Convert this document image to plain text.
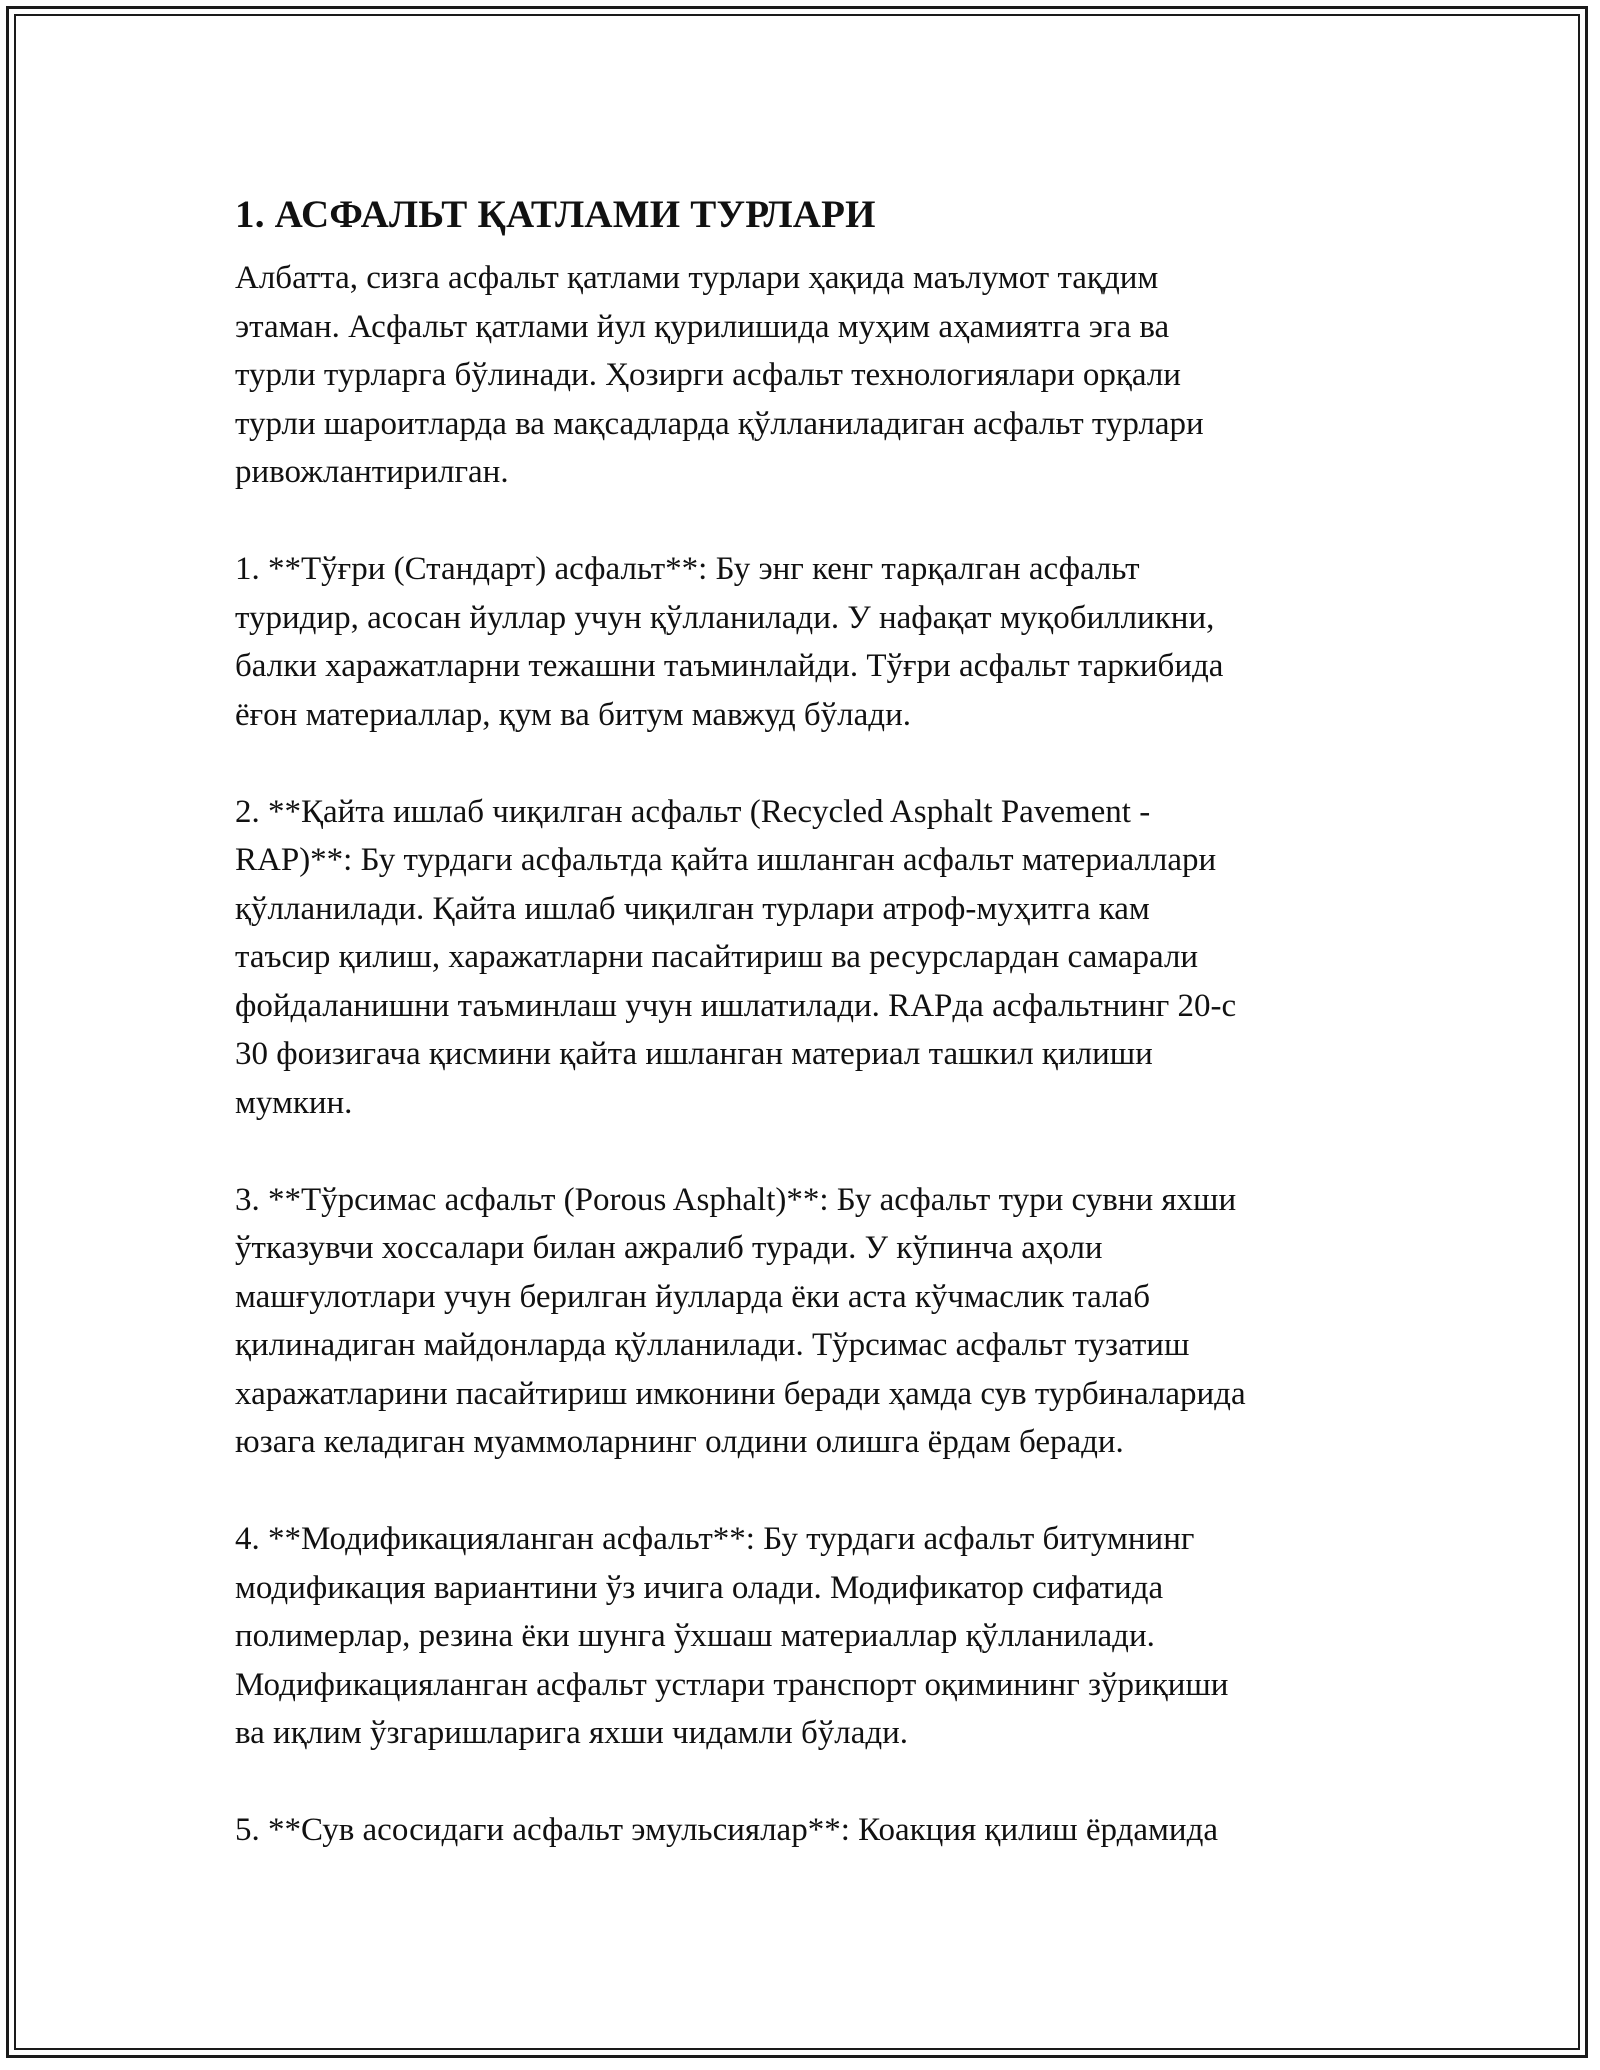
1. АСФАЛЬТ ҚАТЛАМИ ТУРЛАРИ
Албатта, сизга асфальт қатлами турлари ҳақида маълумот тақдим
этаман. Асфальт қатлами йул қурилишида муҳим аҳамиятга эга ва
турли турларга бўлинади. Ҳозирги асфальт технологиялари орқали
турли шароитларда ва мақсадларда қўлланиладиган асфальт турлари
ривожлантирилган.
1. **Тўғри (Стандарт) асфальт**: Бу энг кенг тарқалган асфальт
туридир, асосан йуллар учун қўлланилади. У нафақат муқобилликни,
балки харажатларни тежашни таъминлайди. Тўғри асфальт таркибида
ёғон материаллар, қум ва битум мавжуд бўлади.
2. **Қайта ишлаб чиқилган асфальт (Recycled Asphalt Pavement -
RAP)**: Бу турдаги асфальтда қайта ишланган асфальт материаллари
қўлланилади. Қайта ишлаб чиқилган турлари атроф-муҳитга кам
таъсир қилиш, харажатларни пасайтириш ва ресурслардан самарали
фойдаланишни таъминлаш учун ишлатилади. RAPда асфальтнинг 20-с
30 фоизигача қисмини қайта ишланган материал ташкил қилиши
мумкин.
3. **Тўрсимас асфальт (Porous Asphalt)**: Бу асфальт тури сувни яхши
ўтказувчи хоссалари билан ажралиб туради. У кўпинча аҳоли
машғулотлари учун берилган йулларда ёки аста кўчмаслик талаб
қилинадиган майдонларда қўлланилади. Тўрсимас асфальт тузатиш
харажатларини пасайтириш имконини беради ҳамда сув турбиналарида
юзага келадиган муаммоларнинг олдини олишга ёрдам беради.
4. **Модификацияланган асфальт**: Бу турдаги асфальт битумнинг
модификация вариантини ўз ичига олади. Модификатор сифатида
полимерлар, резина ёки шунга ўхшаш материаллар қўлланилади.
Модификацияланган асфальт устлари транспорт оқимининг зўриқиши
ва иқлим ўзгаришларига яхши чидамли бўлади.
5. **Сув асосидаги асфальт эмульсиялар**: Коакция қилиш ёрдамида
